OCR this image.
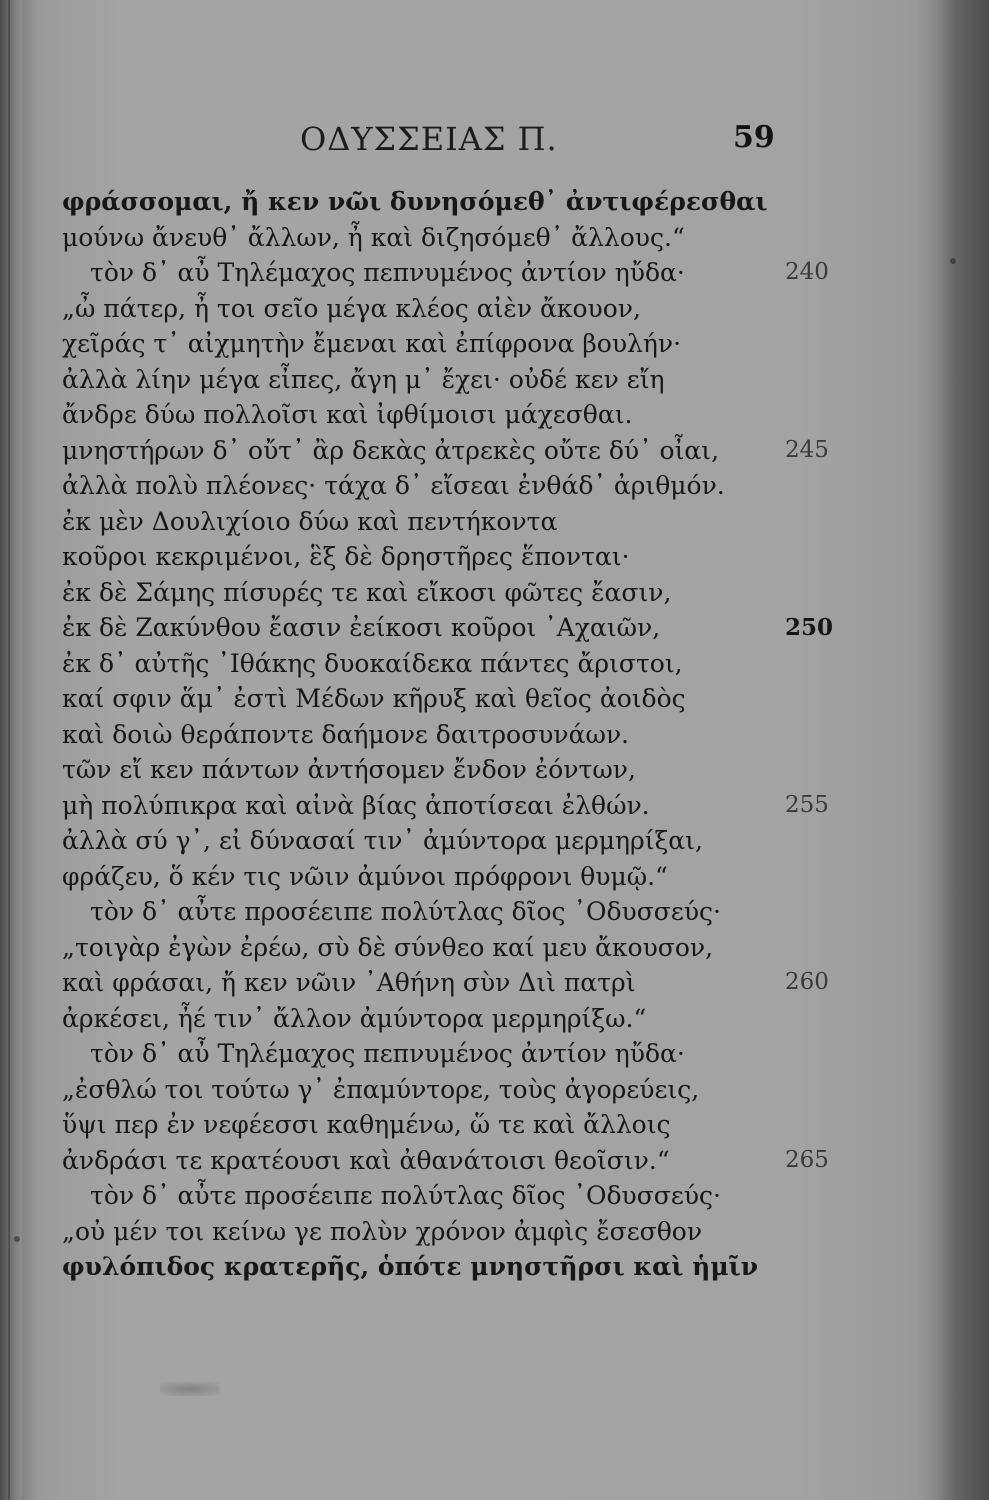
ΟΔΥΣΣΕΙΑΣ Π.	59
φράσσομαι, ἤ κεν νῶι δυνησόμεθ᾽ ἀντιφέρεσθαι
μούνω ἄνευθ᾽ ἄλλων, ἦ καὶ διζησόμεθ᾽ ἄλλους.“
τὸν δ᾽ αὖ Τηλέμαχος πεπνυμένος ἀντίον ηὔδα·
„ὦ πάτερ, ἦ τοι σεῖο μέγα κλέος αἰὲν ἄκουον,
χεῖράς τ᾽ αἰχμητὴν ἔμεναι καὶ ἐπίφρονα βουλήν·
ἀλλὰ λίην μέγα εἶπες, ἄγη μ᾽ ἔχει· οὐδέ κεν εἴη
ἄνδρε δύω πολλοῖσι καὶ ἰφθίμοισι μάχεσθαι.
μνηστήρων δ᾽ οὔτ᾽ ἂρ δεκὰς ἀτρεκὲς οὔτε δύ᾽ οἶαι,
ἀλλὰ πολὺ πλέονες· τάχα δ᾽ εἴσεαι ἐνθάδ᾽ ἀριθμόν.
ἐκ μὲν Δουλιχίοιο δύω καὶ πεντήκοντα
κοῦροι κεκριμένοι, ἓξ δὲ δρηστῆρες ἕπονται·
ἐκ δὲ Σάμης πίσυρές τε καὶ εἴκοσι φῶτες ἔασιν,
ἐκ δὲ Ζακύνθου ἔασιν ἐείκοσι κοῦροι ᾽Αχαιῶν,
ἐκ δ᾽ αὐτῆς ᾽Ιθάκης δυοκαίδεκα πάντες ἄριστοι,
καί σφιν ἅμ᾽ ἐστὶ Μέδων κῆρυξ καὶ θεῖος ἀοιδὸς
καὶ δοιὼ θεράποντε δαήμονε δαιτροσυνάων.
τῶν εἴ κεν πάντων ἀντήσομεν ἔνδον ἐόντων,
μὴ πολύπικρα καὶ αἰνὰ βίας ἀποτίσεαι ἐλθών.
ἀλλὰ σύ γ᾽, εἰ δύνασαί τιν᾽ ἀμύντορα μερμηρίξαι,
φράζευ, ὅ κέν τις νῶιν ἀμύνοι πρόφρονι θυμῷ.“
τὸν δ᾽ αὖτε προσέειπε πολύτλας δῖος ᾽Οδυσσεύς·
„τοιγὰρ ἐγὼν ἐρέω, σὺ δὲ σύνθεο καί μευ ἄκουσον,
καὶ φράσαι, ἤ κεν νῶιν ᾽Αθήνη σὺν Διὶ πατρὶ
ἀρκέσει, ἦέ τιν᾽ ἄλλον ἀμύντορα μερμηρίξω.“
τὸν δ᾽ αὖ Τηλέμαχος πεπνυμένος ἀντίον ηὔδα·
„ἐσθλώ τοι τούτω γ᾽ ἐπαμύντορε, τοὺς ἀγορεύεις,
ὕψι περ ἐν νεφέεσσι καθημένω, ὥ τε καὶ ἄλλοις
ἀνδράσι τε κρατέουσι καὶ ἀθανάτοισι θεοῖσιν.“
τὸν δ᾽ αὖτε προσέειπε πολύτλας δῖος ᾽Οδυσσεύς·
„οὐ μέν τοι κείνω γε πολὺν χρόνον ἀμφὶς ἔσεσθον
φυλόπιδος κρατερῆς, ὁπότε μνηστῆρσι καὶ ἡμῖν
240
245
250
255
260
265
